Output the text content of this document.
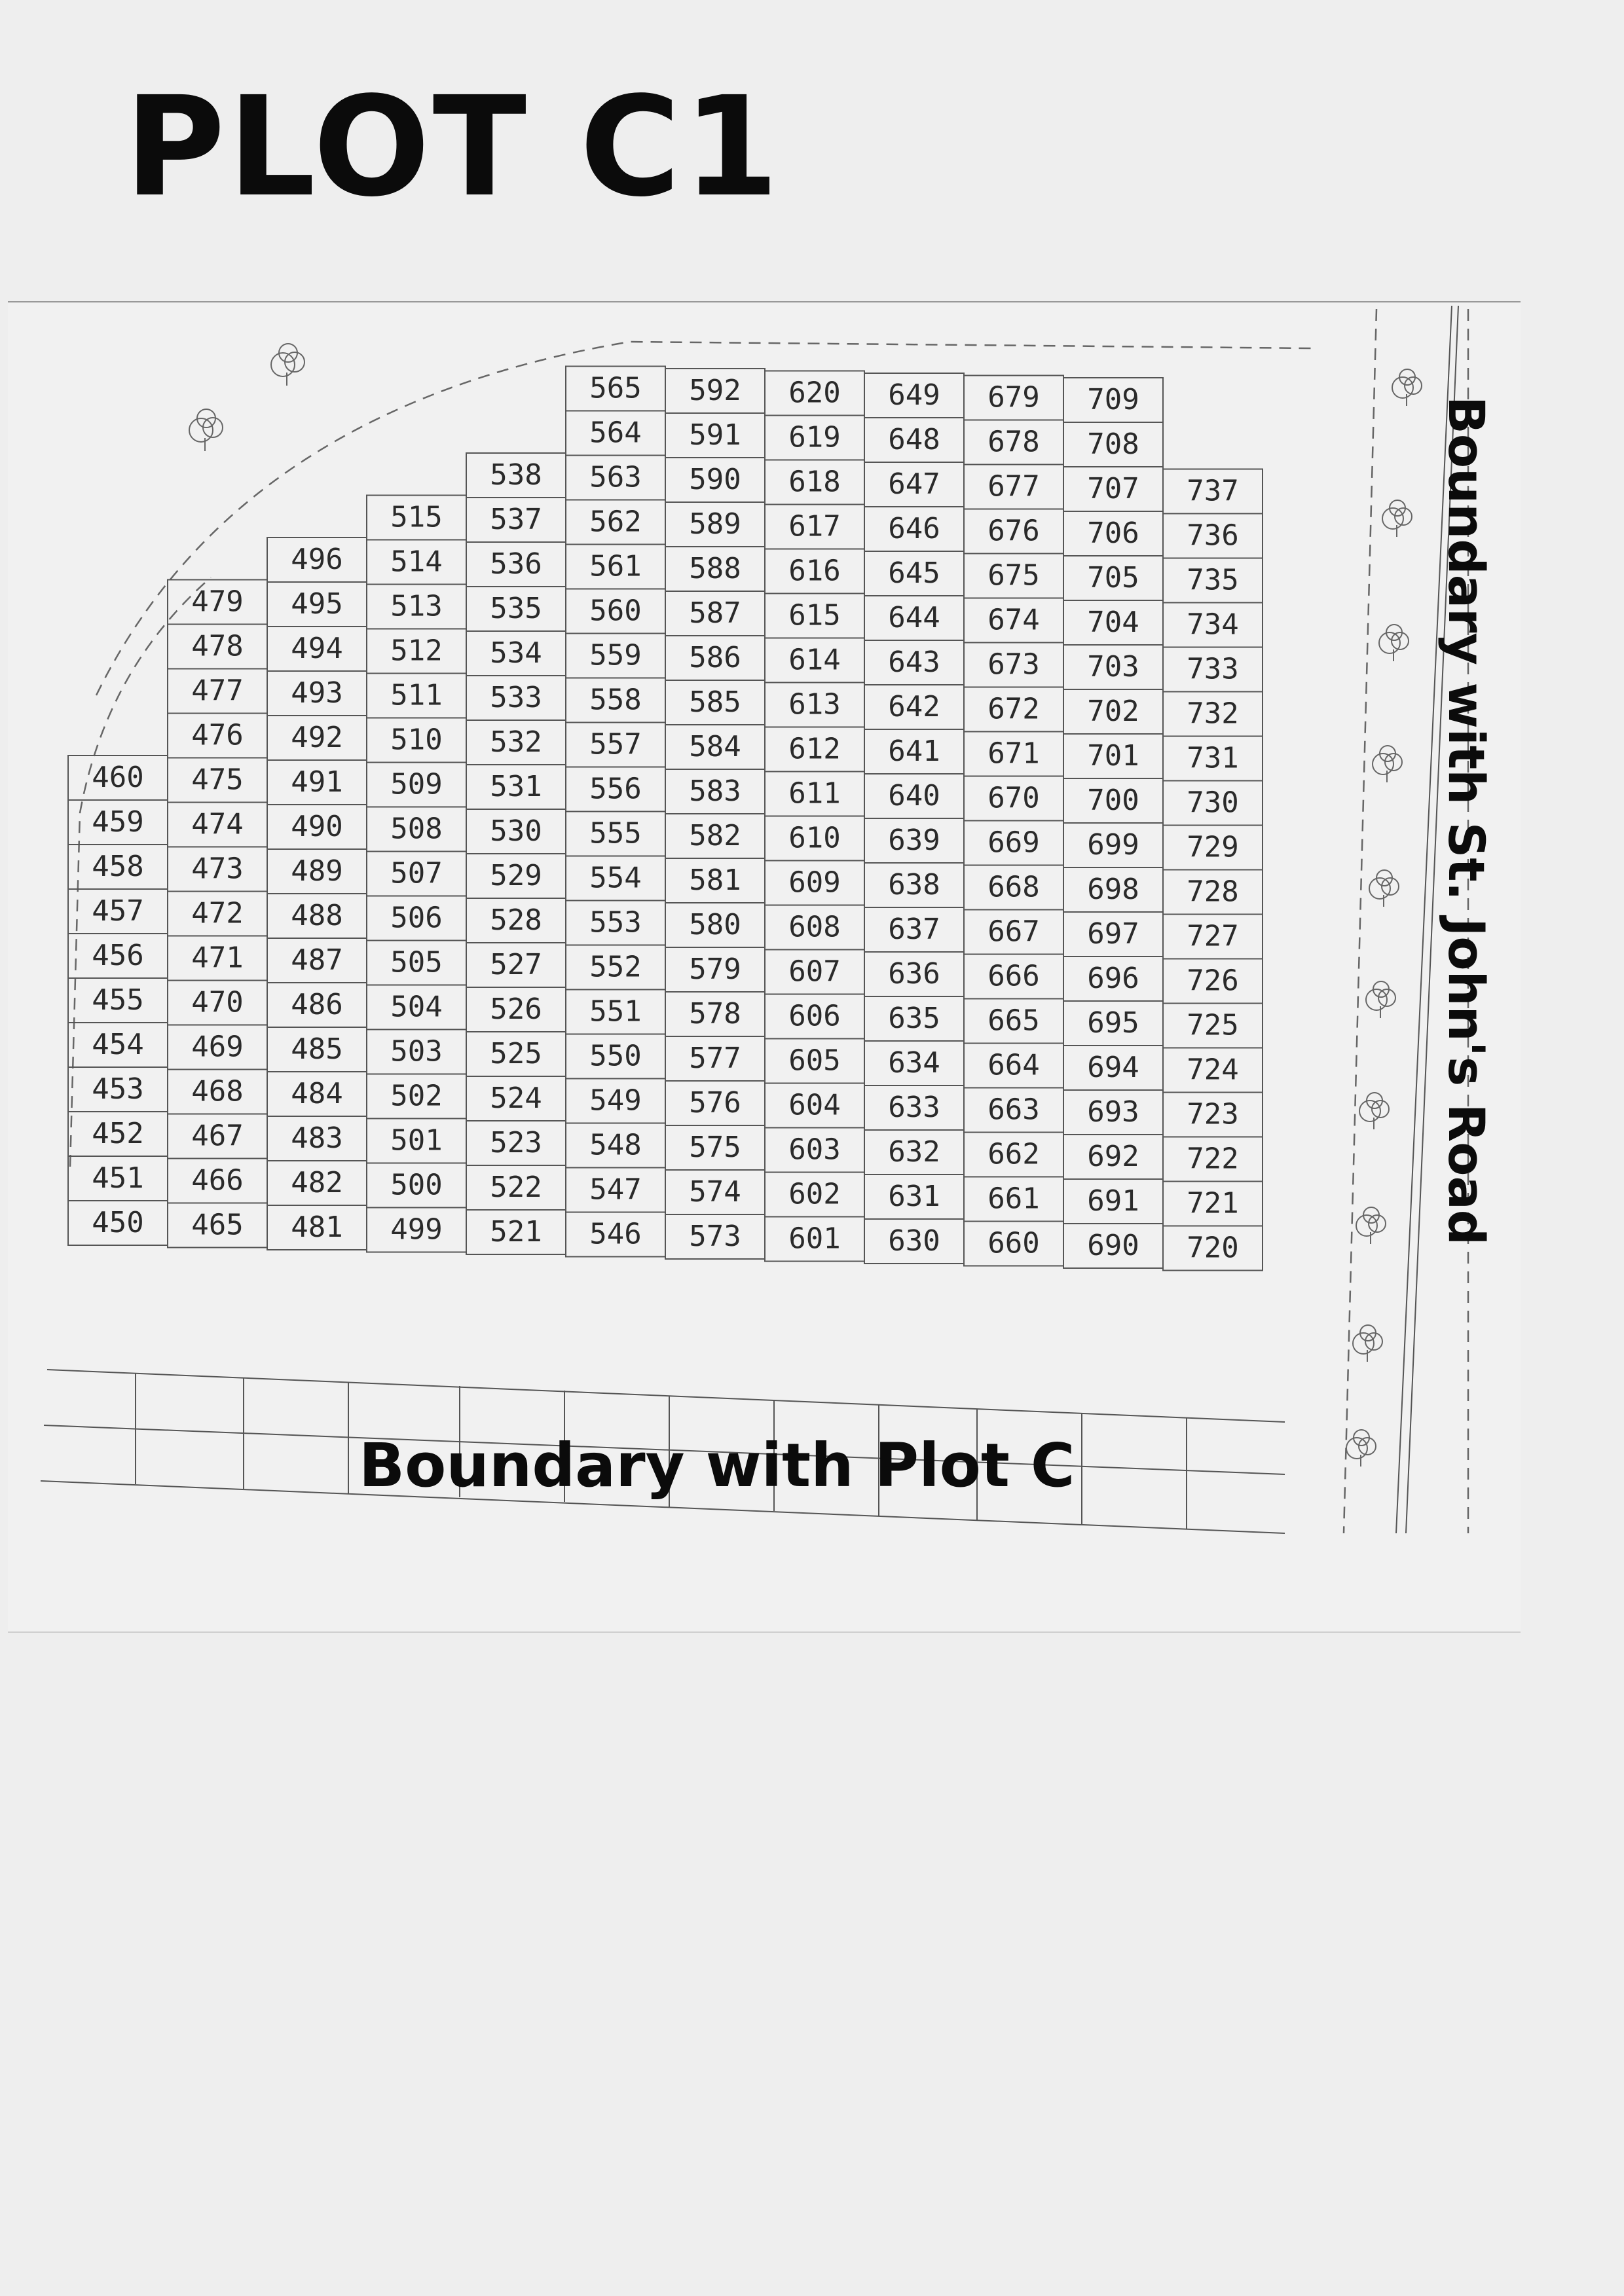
PLOT C1
450
451
452
453
454
455
456
457
458
459
460
465
466
467
468
469
470
471
472
473
474
475
476
477
478
479
481
482
483
484
485
486
487
488
489
490
491
492
493
494
495
496
499
500
501
502
503
504
505
506
507
508
509
510
511
512
513
514
515
521
522
523
524
525
526
527
528
529
530
531
532
533
534
535
536
537
538
546
547
548
549
550
551
552
553
554
555
556
557
558
559
560
561
562
563
564
565
573
574
575
576
577
578
579
580
581
582
583
584
585
586
587
588
589
590
591
592
601
602
603
604
605
606
607
608
609
610
611
612
613
614
615
616
617
618
619
620
630
631
632
633
634
635
636
637
638
639
640
641
642
643
644
645
646
647
648
649
660
661
662
663
664
665
666
667
668
669
670
671
672
673
674
675
676
677
678
679
690
691
692
693
694
695
696
697
698
699
700
701
702
703
704
705
706
707
708
709
720
721
722
723
724
725
726
727
728
729
730
731
732
733
734
735
736
737	Boundary with St. John's Road
Boundary with Plot C
